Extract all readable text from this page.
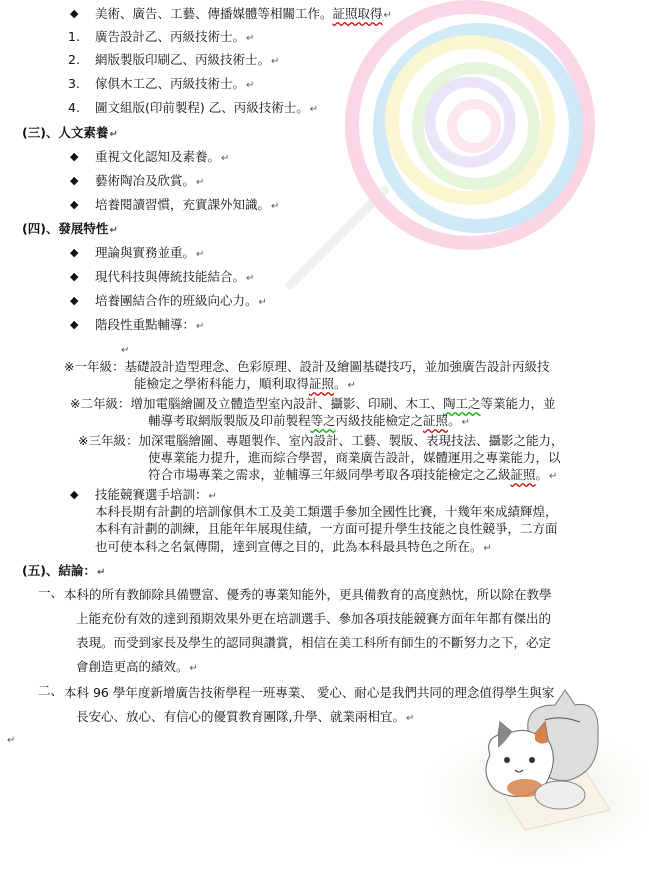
◆ 美術、廣告、工藝、傳播媒體等相關工作。証照取得↵
1. 廣告設計乙、丙級技術士。↵
2. 網版製版印刷乙、丙級技術士。↵
3. 傢俱木工乙、丙級技術士。↵
4. 圖文組版(印前製程) 乙、丙級技術士。↵
(三)、人文素養↵
◆ 重視文化認知及素養。↵
◆ 藝術陶冶及欣賞。↵
◆ 培養閱讀習慣，充實課外知識。↵
(四)、發展特性↵
◆ 理論與實務並重。↵
◆ 現代科技與傳統技能結合。↵
◆ 培養團結合作的班級向心力。↵
◆ 階段性重點輔導：↵
↵
※一年級：基礎設計造型理念、色彩原理、設計及繪圖基礎技巧，並加強廣告設計丙級技
能檢定之學術科能力，順利取得証照。↵
※二年級：增加電腦繪圖及立體造型室內設計、攝影、印刷、木工、陶工之等業能力，並
輔導考取網版製版及印前製程等之丙級技能檢定之証照。↵
※三年級：加深電腦繪圖、專題製作、室內設計、工藝、製版、表現技法、攝影之能力，
使專業能力提升，進而綜合學習，商業廣告設計，媒體運用之專業能力，以
符合市場專業之需求，並輔導三年級同學考取各項技能檢定之乙級証照。↵
◆ 技能競賽選手培訓：↵
本科長期有計劃的培訓傢俱木工及美工類選手參加全國性比賽，十幾年來成績輝煌，
本科有計劃的訓練，且能年年展現佳績，一方面可提升學生技能之良性競爭，二方面
也可使本科之名氣傳開，達到宣傳之目的，此為本科最具特色之所在。↵
(五)、結論：↵
一、 本科的所有教師除具備豐富、優秀的專業知能外，更具備教育的高度熱忱，所以除在教學
上能充份有效的達到預期效果外更在培訓選手、參加各項技能競賽方面年年都有傑出的
表現。而受到家長及學生的認同與讚賞，相信在美工科所有師生的不斷努力之下，必定
會創造更高的績效。↵
二、 本科 96 學年度新增廣告技術學程一班專業、 愛心、耐心是我們共同的理念值得學生與家
長安心、放心、有信心的優質教育團隊,升學、就業兩相宜。↵
↵
